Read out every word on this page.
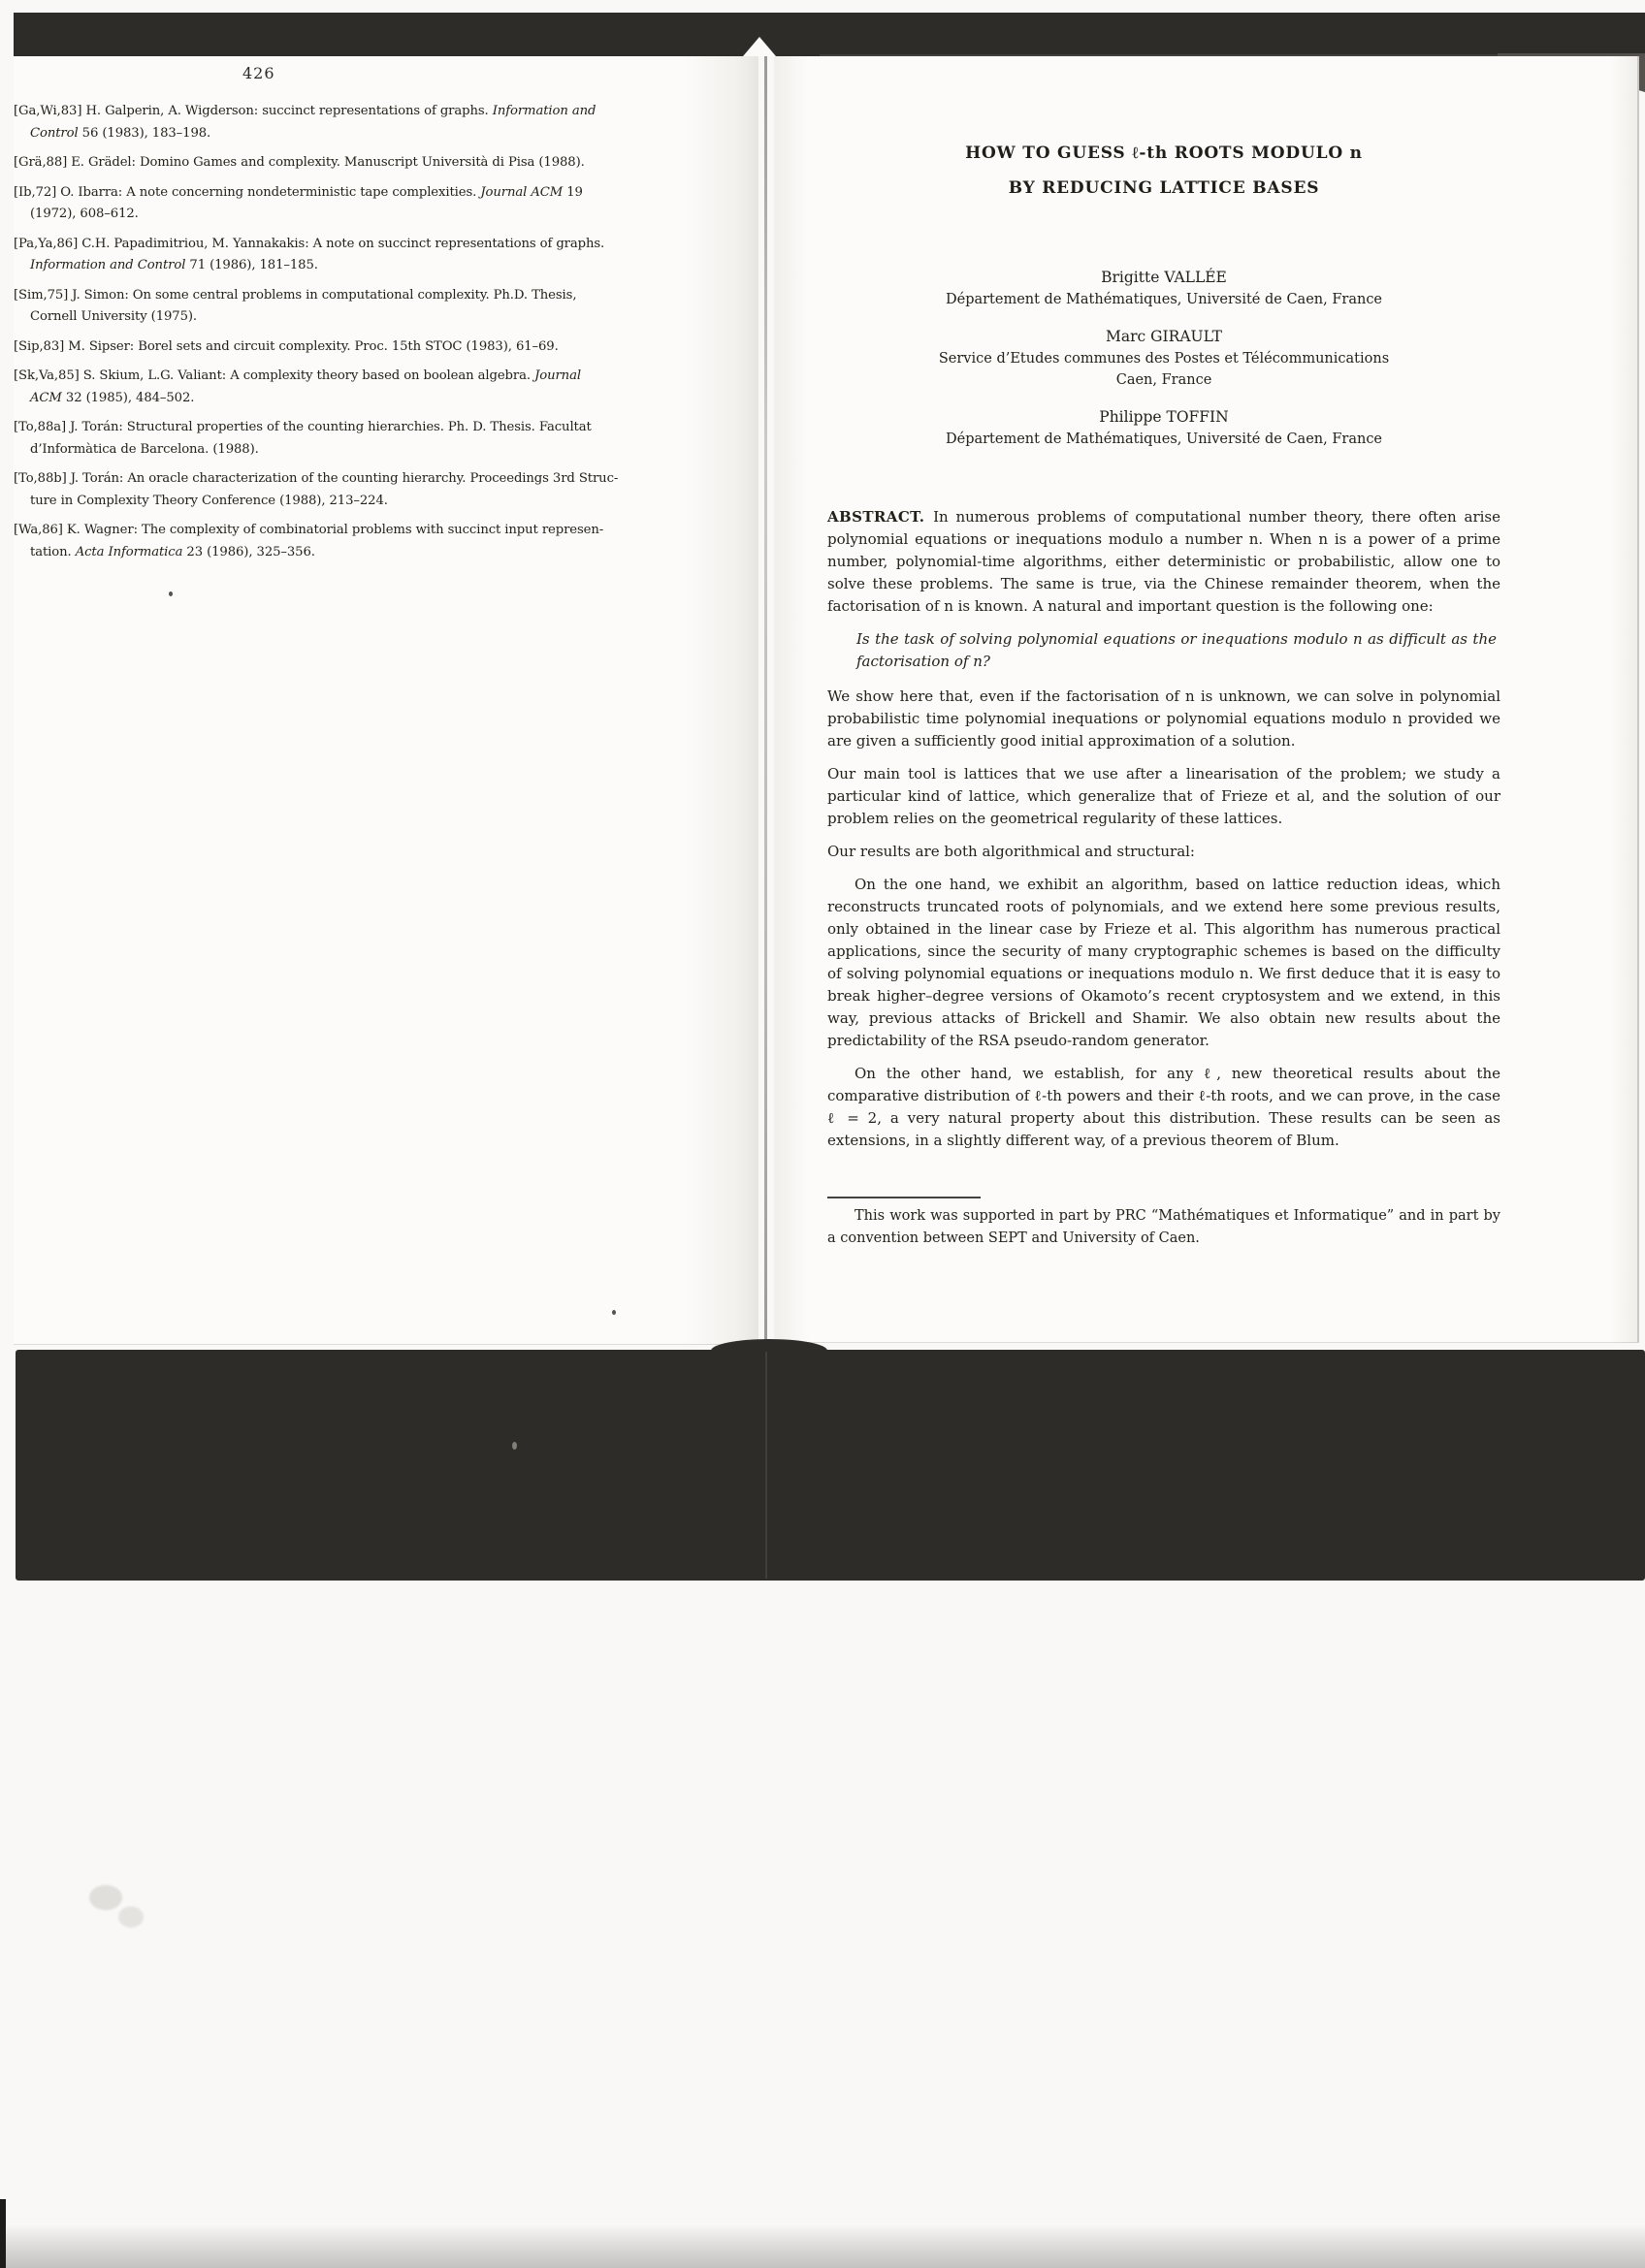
426
[Ga,Wi,83] H. Galperin, A. Wigderson: succinct representations of graphs. Information and
Control 56 (1983), 183–198.
[Grä,88] E. Grädel: Domino Games and complexity. Manuscript Università di Pisa (1988).
[Ib,72] O. Ibarra: A note concerning nondeterministic tape complexities. Journal ACM 19
(1972), 608–612.
[Pa,Ya,86] C.H. Papadimitriou, M. Yannakakis: A note on succinct representations of graphs.
Information and Control 71 (1986), 181–185.
[Sim,75] J. Simon: On some central problems in computational complexity. Ph.D. Thesis,
Cornell University (1975).
[Sip,83] M. Sipser: Borel sets and circuit complexity. Proc. 15th STOC (1983), 61–69.
[Sk,Va,85] S. Skium, L.G. Valiant: A complexity theory based on boolean algebra. Journal
ACM 32 (1985), 484–502.
[To,88a] J. Torán: Structural properties of the counting hierarchies. Ph. D. Thesis. Facultat
d’Informàtica de Barcelona. (1988).
[To,88b] J. Torán: An oracle characterization of the counting hierarchy. Proceedings 3rd Struc-
ture in Complexity Theory Conference (1988), 213–224.
[Wa,86] K. Wagner: The complexity of combinatorial problems with succinct input represen-
tation. Acta Informatica 23 (1986), 325–356.
HOW TO GUESS ℓ-th ROOTS MODULO n
BY REDUCING LATTICE BASES
Brigitte VALLÉE
Département de Mathématiques, Université de Caen, France
Marc GIRAULT
Service d’Etudes communes des Postes et Télécommunications
Caen, France
Philippe TOFFIN
Département de Mathématiques, Université de Caen, France

ABSTRACT. In numerous problems of computational number theory, there often arise polynomial equations or inequations modulo a number n. When n is a power of a prime number, polynomial-time algorithms, either deterministic or probabilistic, allow one to solve these problems. The same is true, via the Chinese remainder theorem, when the factorisation of n is known. A natural and important question is the following one:

Is the task of solving polynomial equations or inequations modulo n as difficult as the factorisation of n?

We show here that, even if the factorisation of n is unknown, we can solve in polynomial probabilistic time polynomial inequations or polynomial equations modulo n provided we are given a sufficiently good initial approximation of a solution.

Our main tool is lattices that we use after a linearisation of the problem; we study a particular kind of lattice, which generalize that of Frieze et al, and the solution of our problem relies on the geometrical regularity of these lattices.

Our results are both algorithmical and structural:

On the one hand, we exhibit an algorithm, based on lattice reduction ideas, which reconstructs truncated roots of polynomials, and we extend here some previous results, only obtained in the linear case by Frieze et al. This algorithm has numerous practical applications, since the security of many cryptographic schemes is based on the difficulty of solving polynomial equations or inequations modulo n. We first deduce that it is easy to break higher–degree versions of Okamoto’s recent cryptosystem and we extend, in this way, previous attacks of Brickell and Shamir. We also obtain new results about the predictability of the RSA pseudo-random generator.

On the other hand, we establish, for any ℓ, new theoretical results about the comparative distribution of ℓ-th powers and their ℓ-th roots, and we can prove, in the case ℓ = 2, a very natural property about this distribution. These results can be seen as extensions, in a slightly different way, of a previous theorem of Blum.

This work was supported in part by PRC “Mathématiques et Informatique” and in part by a convention between SEPT and University of Caen.
